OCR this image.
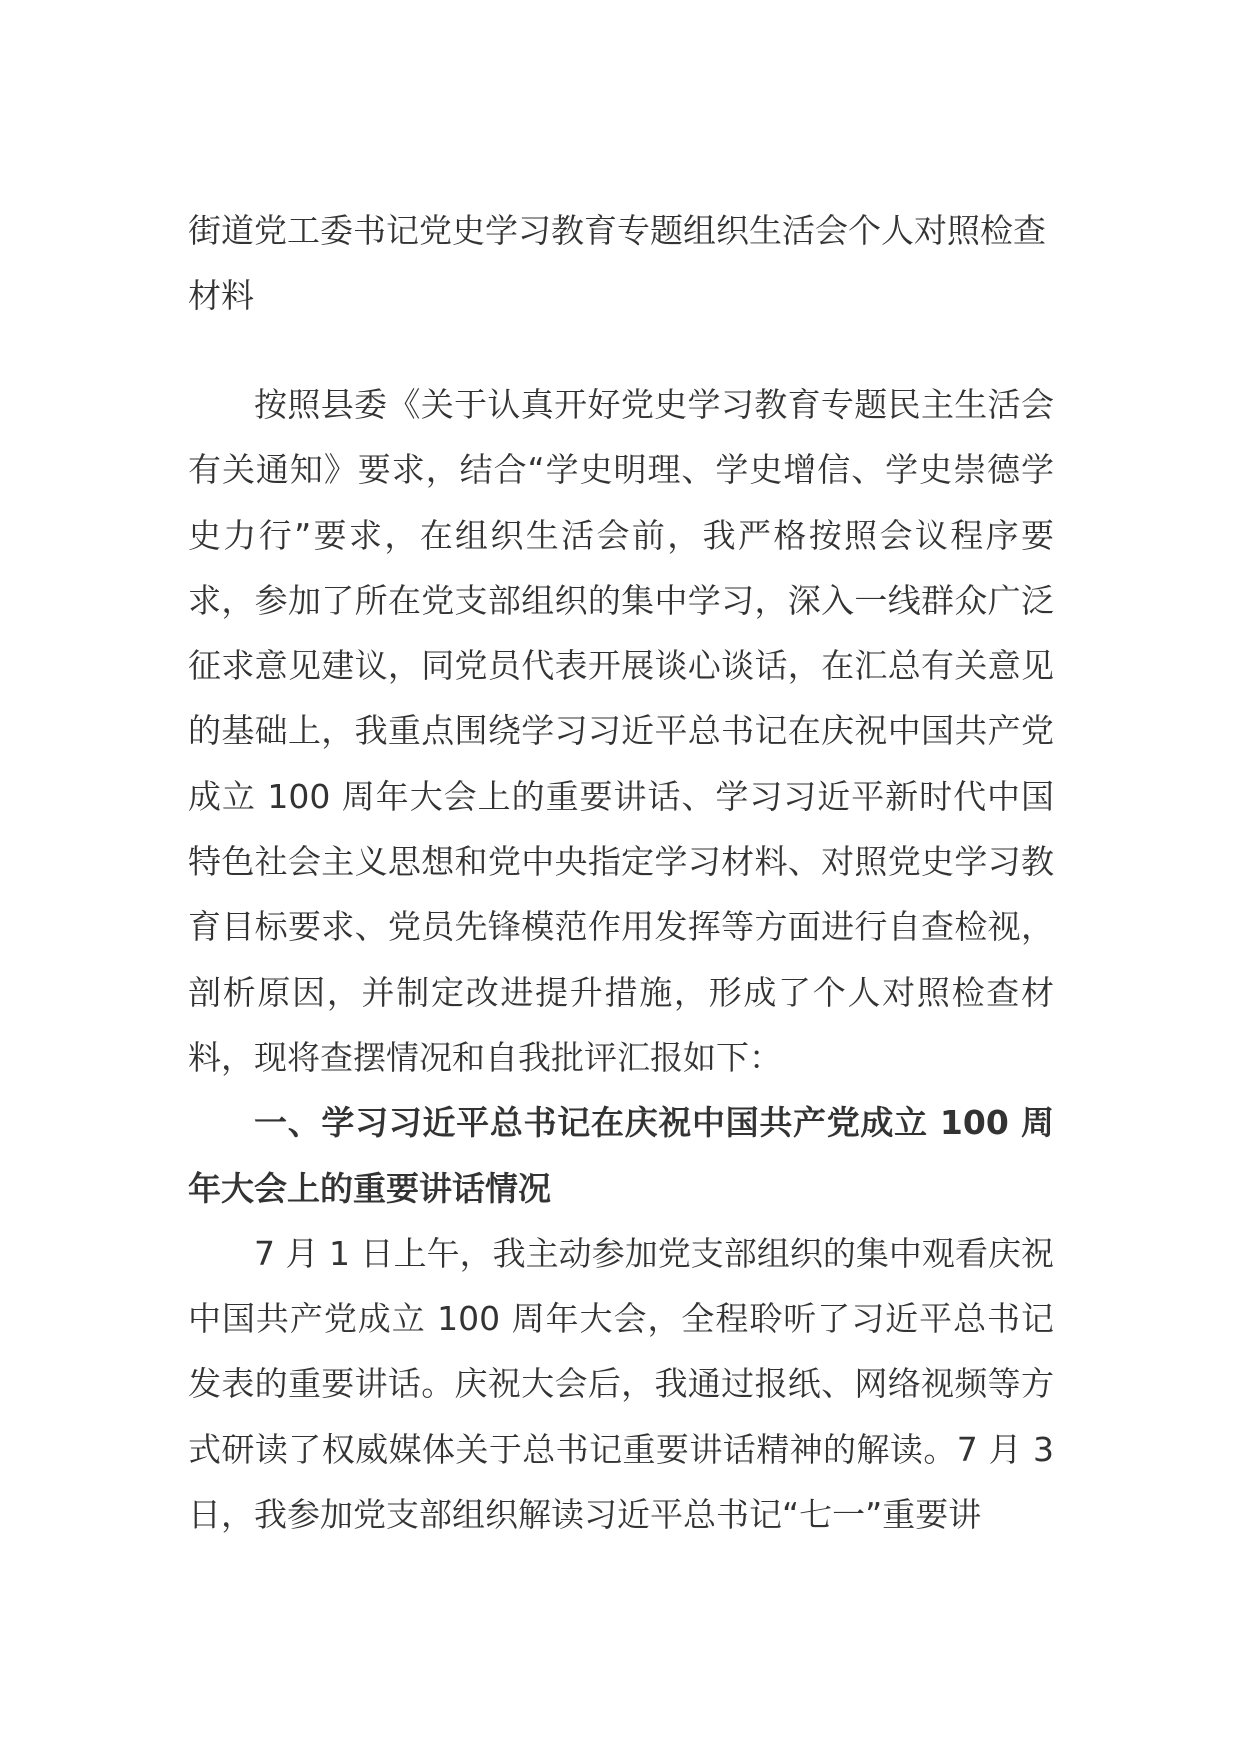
街道党工委书记党史学习教育专题组织生活会个人对照检查材料

按照县委《关于认真开好党史学习教育专题民主生活会有关通知》要求，结合“学史明理、学史增信、学史崇德学史力行”要求，在组织生活会前，我严格按照会议程序要求，参加了所在党支部组织的集中学习，深入一线群众广泛征求意见建议，同党员代表开展谈心谈话，在汇总有关意见的基础上，我重点围绕学习习近平总书记在庆祝中国共产党成立 100 周年大会上的重要讲话、学习习近平新时代中国特色社会主义思想和党中央指定学习材料、对照党史学习教育目标要求、党员先锋模范作用发挥等方面进行自查检视，剖析原因，并制定改进提升措施，形成了个人对照检查材料，现将查摆情况和自我批评汇报如下：

一、学习习近平总书记在庆祝中国共产党成立 100 周年大会上的重要讲话情况

7 月 1 日上午，我主动参加党支部组织的集中观看庆祝中国共产党成立 100 周年大会，全程聆听了习近平总书记发表的重要讲话。庆祝大会后，我通过报纸、网络视频等方式研读了权威媒体关于总书记重要讲话精神的解读。7 月 3 日，我参加党支部组织解读习近平总书记“七一”重要讲
